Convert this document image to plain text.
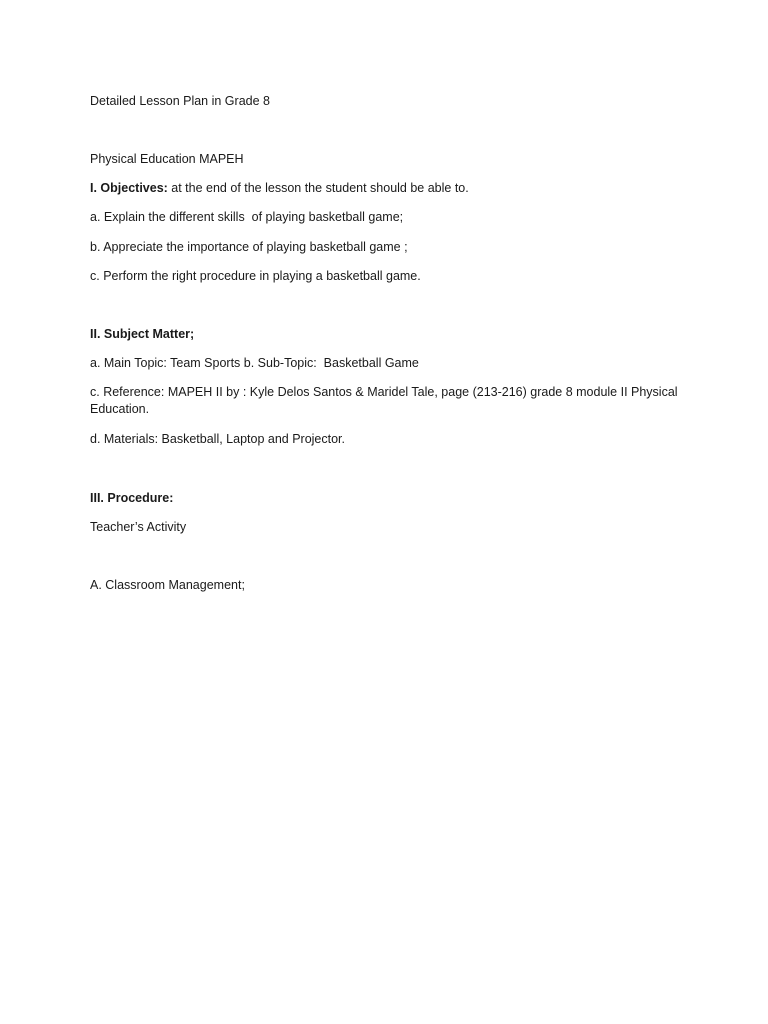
Detailed Lesson Plan in Grade 8
Physical Education MAPEH
I. Objectives: at the end of the lesson the student should be able to.
a. Explain the different skills  of playing basketball game;
b. Appreciate the importance of playing basketball game ;
c. Perform the right procedure in playing a basketball game.
II. Subject Matter;
a. Main Topic: Team Sports b. Sub-Topic:  Basketball Game
c. Reference: MAPEH II by : Kyle Delos Santos & Maridel Tale, page (213-216) grade 8 module II Physical Education.
d. Materials: Basketball, Laptop and Projector.
III. Procedure:
Teacher’s Activity
A. Classroom Management;
